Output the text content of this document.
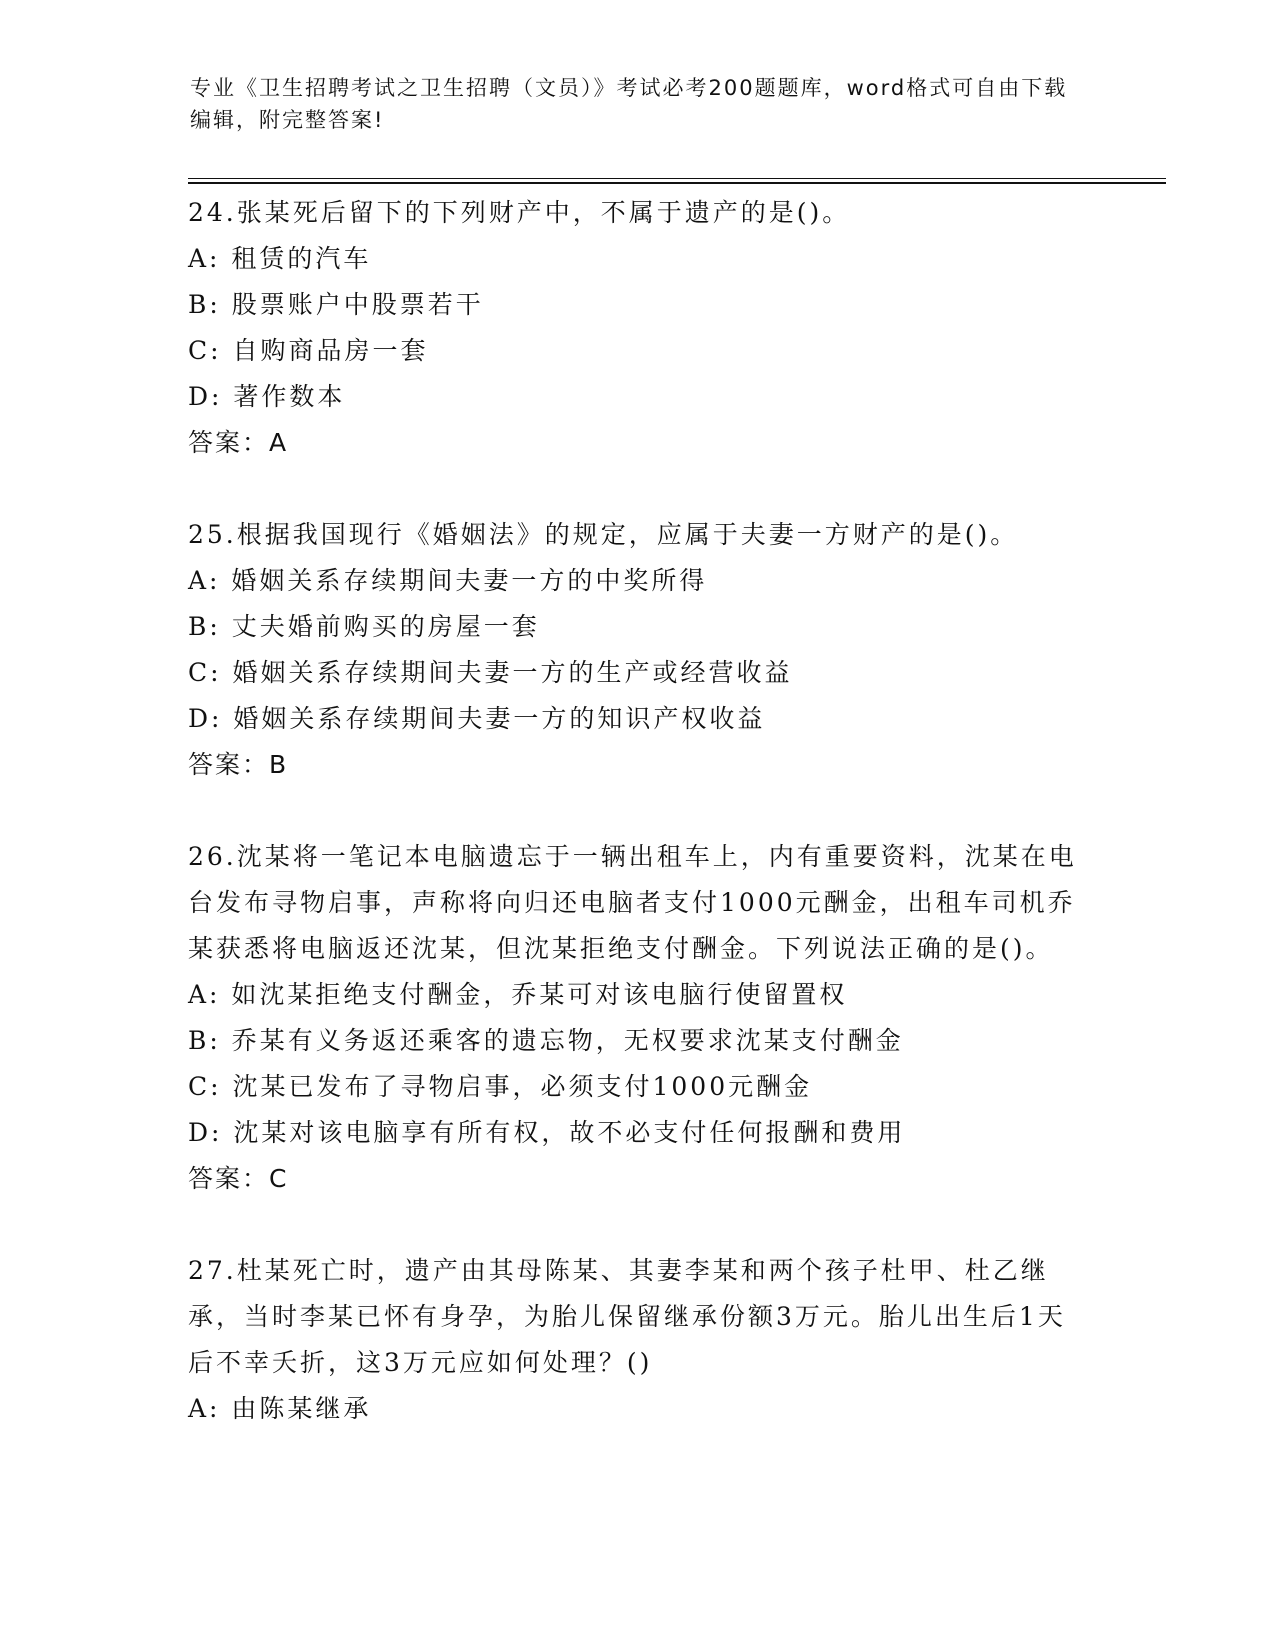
专业《卫生招聘考试之卫生招聘（文员）》考试必考200题题库，word格式可自由下载编辑，附完整答案!
24.张某死后留下的下列财产中，不属于遗产的是()。
A: 租赁的汽车
B: 股票账户中股票若干
C: 自购商品房一套
D: 著作数本
答案：A
25.根据我国现行《婚姻法》的规定，应属于夫妻一方财产的是()。
A: 婚姻关系存续期间夫妻一方的中奖所得
B: 丈夫婚前购买的房屋一套
C: 婚姻关系存续期间夫妻一方的生产或经营收益
D: 婚姻关系存续期间夫妻一方的知识产权收益
答案：B
26.沈某将一笔记本电脑遗忘于一辆出租车上，内有重要资料，沈某在电台发布寻物启事，声称将向归还电脑者支付1000元酬金，出租车司机乔某获悉将电脑返还沈某，但沈某拒绝支付酬金。下列说法正确的是()。
A: 如沈某拒绝支付酬金，乔某可对该电脑行使留置权
B: 乔某有义务返还乘客的遗忘物，无权要求沈某支付酬金
C: 沈某已发布了寻物启事，必须支付1000元酬金
D: 沈某对该电脑享有所有权，故不必支付任何报酬和费用
答案：C
27.杜某死亡时，遗产由其母陈某、其妻李某和两个孩子杜甲、杜乙继承，当时李某已怀有身孕，为胎儿保留继承份额3万元。胎儿出生后1天后不幸夭折，这3万元应如何处理？()
A: 由陈某继承
